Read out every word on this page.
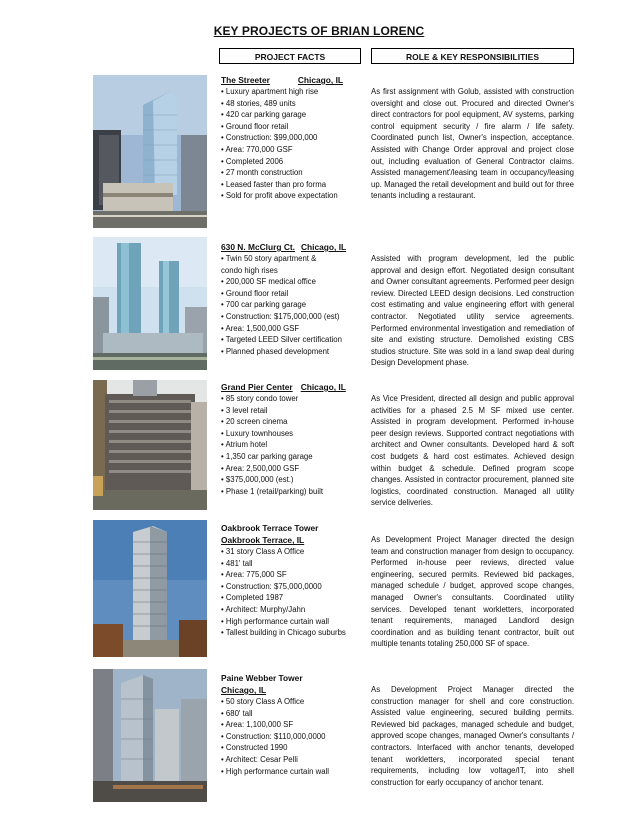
KEY PROJECTS OF BRIAN LORENC
PROJECT FACTS	ROLE & KEY RESPONSIBILITIES
The Streeter	Chicago, IL
• Luxury apartment high rise
• 48 stories, 489 units
• 420 car parking garage
• Ground floor retail
• Construction: $99,000,000
• Area: 770,000 GSF
• Completed 2006
• 27 month construction
• Leased faster than pro forma
• Sold for profit above expectation
As first assignment with Golub, assisted with construction oversight and close out. Procured and directed Owner's direct contractors for pool equipment, AV systems, parking control equipment security / fire alarm / life safety. Coordinated punch list, Owner's inspection, acceptance. Assisted with Change Order approval and project close out, including evaluation of General Contractor claims. Assisted management'/leasing team in occupancy/leasing up. Managed the retail development and build out for three tenants including a restaurant.
630 N. McClurg Ct. Chicago, IL
• Twin 50 story apartment &
condo high rises
• 200,000 SF medical office
• Ground floor retail
• 700 car parking garage
• Construction: $175,000,000 (est)
• Area: 1,500,000 GSF
• Targeted LEED Silver certification
• Planned phased development
Assisted with program development, led the public approval and design effort. Negotiated design consultant and Owner consultant agreements. Performed peer design review. Directed LEED design decisions. Led construction cost estimating and value engineering effort with general contractor. Negotiated utility service agreements. Performed environmental investigation and remediation of site and existing structure. Demolished existing CBS studios structure. Site was sold in a land swap deal during Design Development phase.
Grand Pier Center Chicago, IL
• 85 story condo tower
• 3 level retail
• 20 screen cinema
• Luxury townhouses
• Atrium hotel
• 1,350 car parking garage
• Area: 2,500,000 GSF
• $375,000,000 (est.)
• Phase 1 (retail/parking) built
As Vice President, directed all design and public approval activities for a phased 2.5 M SF mixed use center. Assisted in program development. Performed in-house peer design reviews. Supported contract negotiations with architect and Owner consultants. Developed hard & soft cost budgets & hard cost estimates. Achieved design within budget & schedule. Defined program scope changes. Assisted in contractor procurement, planned site logistics, coordinated construction. Managed all utility service deliveries.
Oakbrook Terrace Tower
Oakbrook Terrace, IL
• 31 story Class A Office
• 481' tall
• Area: 775,000 SF
• Construction: $75,000,0000
• Completed 1987
• Architect: Murphy/Jahn
• High performance curtain wall
• Tallest building in Chicago suburbs
As Development Project Manager directed the design team and construction manager from design to occupancy. Performed in-house peer reviews, directed value engineering, secured permits. Reviewed bid packages, managed schedule / budget, approved scope changes, managed Owner's consultants. Coordinated utility services. Developed tenant workletters, incorporated tenant requirements, managed Landlord design coordination and as building tenant contractor, built out multiple tenants totaling 250,000 SF of space.
Paine Webber Tower
Chicago, IL
• 50 story Class A Office
• 680' tall
• Area: 1,100,000 SF
• Construction: $110,000,0000
• Constructed 1990
• Architect: Cesar Pelli
• High performance curtain wall
As Development Project Manager directed the construction manager for shell and core construction. Assisted value engineering, secured building permits. Reviewed bid packages, managed schedule and budget, approved scope changes, managed Owner's consultants / contractors. Interfaced with anchor tenants, developed tenant workletters, incorporated special tenant requirements, including low voltage/IT, into shell construction for early occupancy of anchor tenant.
